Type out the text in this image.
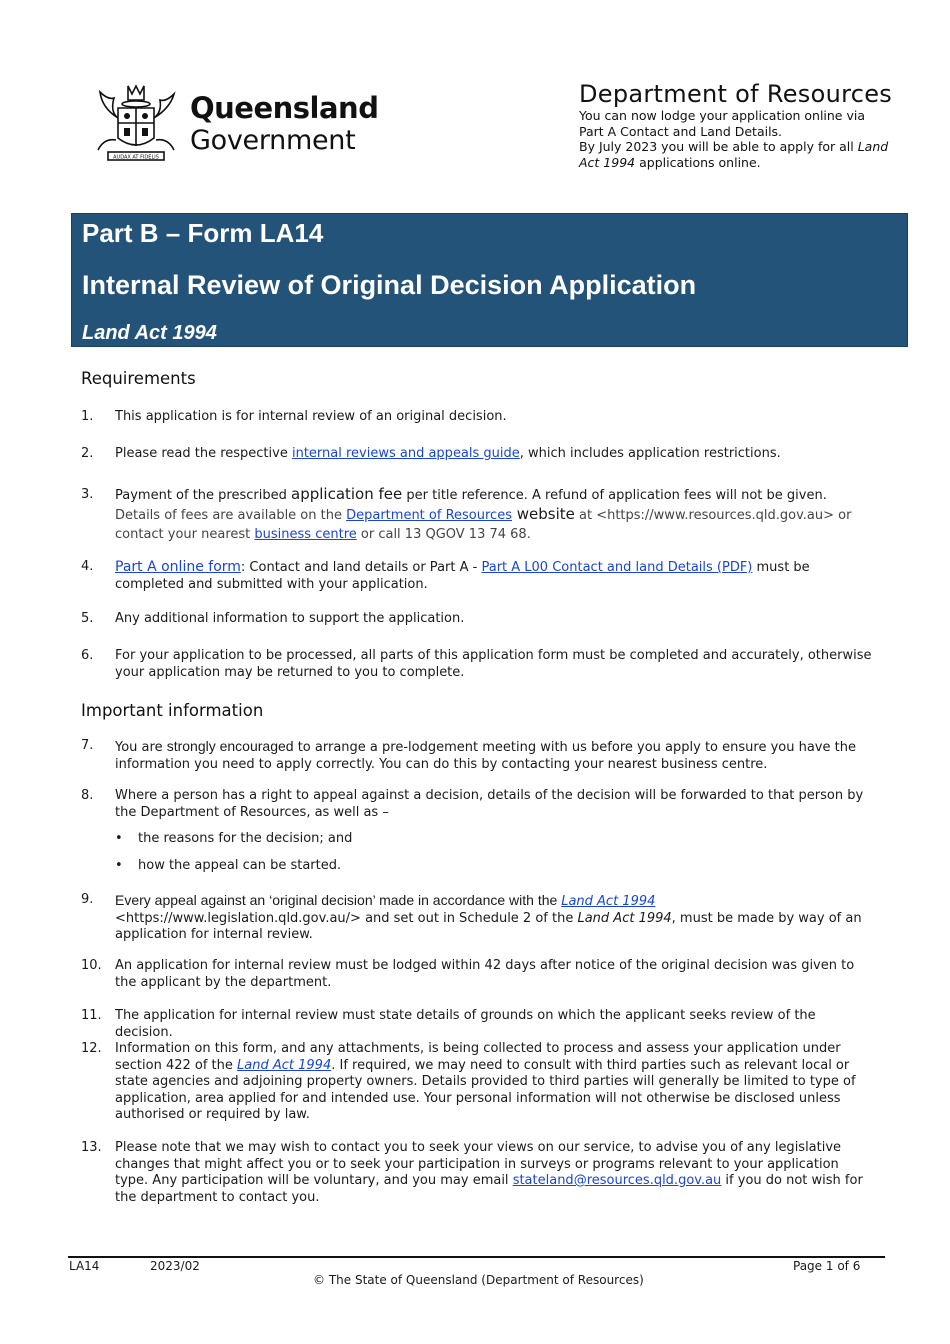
AUDAX AT FIDELIS
Queensland
Government
Department of Resources
You can now lodge your application online via
Part A Contact and Land Details.
By July 2023 you will be able to apply for all Land Act 1994 applications online.
Part B – Form LA14
Internal Review of Original Decision Application
Land Act 1994
Requirements
1.	This application is for internal review of an original decision.
2.	Please read the respective internal reviews and appeals guide, which includes application restrictions.
3.	Payment of the prescribed application fee per title reference. A refund of application fees will not be given. Details of fees are available on the Department of Resources website at <https://www.resources.qld.gov.au> or contact your nearest business centre or call 13 QGOV 13 74 68.
4.	Part A online form: Contact and land details or Part A - Part A L00 Contact and land Details (PDF) must be completed and submitted with your application.
5.	Any additional information to support the application.
6.	For your application to be processed, all parts of this application form must be completed and accurately, otherwise your application may be returned to you to complete.
Important information
7.	You are strongly encouraged to arrange a pre-lodgement meeting with us before you apply to ensure you have the information you need to apply correctly. You can do this by contacting your nearest business centre.
8.	Where a person has a right to appeal against a decision, details of the decision will be forwarded to that person by the Department of Resources, as well as –
• the reasons for the decision; and
• how the appeal can be started.
9.	Every appeal against an ‘original decision’ made in accordance with the Land Act 1994
<https://www.legislation.qld.gov.au/> and set out in Schedule 2 of the Land Act 1994, must be made by way of an application for internal review.
10.	An application for internal review must be lodged within 42 days after notice of the original decision was given to the applicant by the department.
11.	The application for internal review must state details of grounds on which the applicant seeks review of the decision.
12.	Information on this form, and any attachments, is being collected to process and assess your application under section 422 of the Land Act 1994. If required, we may need to consult with third parties such as relevant local or state agencies and adjoining property owners. Details provided to third parties will generally be limited to type of application, area applied for and intended use. Your personal information will not otherwise be disclosed unless authorised or required by law.
13.	Please note that we may wish to contact you to seek your views on our service, to advise you of any legislative changes that might affect you or to seek your participation in surveys or programs relevant to your application type. Any participation will be voluntary, and you may email stateland@resources.qld.gov.au if you do not wish for the department to contact you.
LA14	2023/02	Page 1 of 6
© The State of Queensland (Department of Resources)
